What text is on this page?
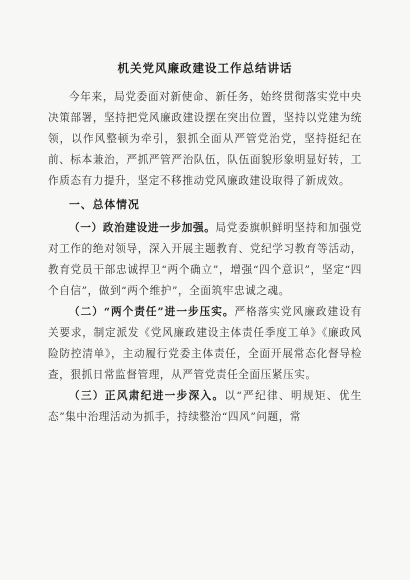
机关党风廉政建设工作总结讲话

今年来，局党委面对新使命、新任务，始终贯彻落实党中央决策部署，坚持把党风廉政建设摆在突出位置，坚持以党建为统领，以作风整顿为牵引，狠抓全面从严管党治党，坚持挺纪在前、标本兼治，严抓严管严治队伍，队伍面貌形象明显好转，工作质态有力提升，坚定不移推动党风廉政建设取得了新成效。

一、总体情况

（一）政治建设进一步加强。局党委旗帜鲜明坚持和加强党对工作的绝对领导，深入开展主题教育、党纪学习教育等活动，教育党员干部忠诚捍卫“两个确立”，增强“四个意识”，坚定“四个自信”，做到“两个维护”，全面筑牢忠诚之魂。

（二）“两个责任”进一步压实。严格落实党风廉政建设有关要求，制定派发《党风廉政建设主体责任季度工单》《廉政风险防控清单》，主动履行党委主体责任，全面开展常态化督导检查，狠抓日常监督管理，从严管党责任全面压紧压实。

（三）正风肃纪进一步深入。以“严纪律、明规矩、优生态”集中治理活动为抓手，持续整治“四风”问题，常
